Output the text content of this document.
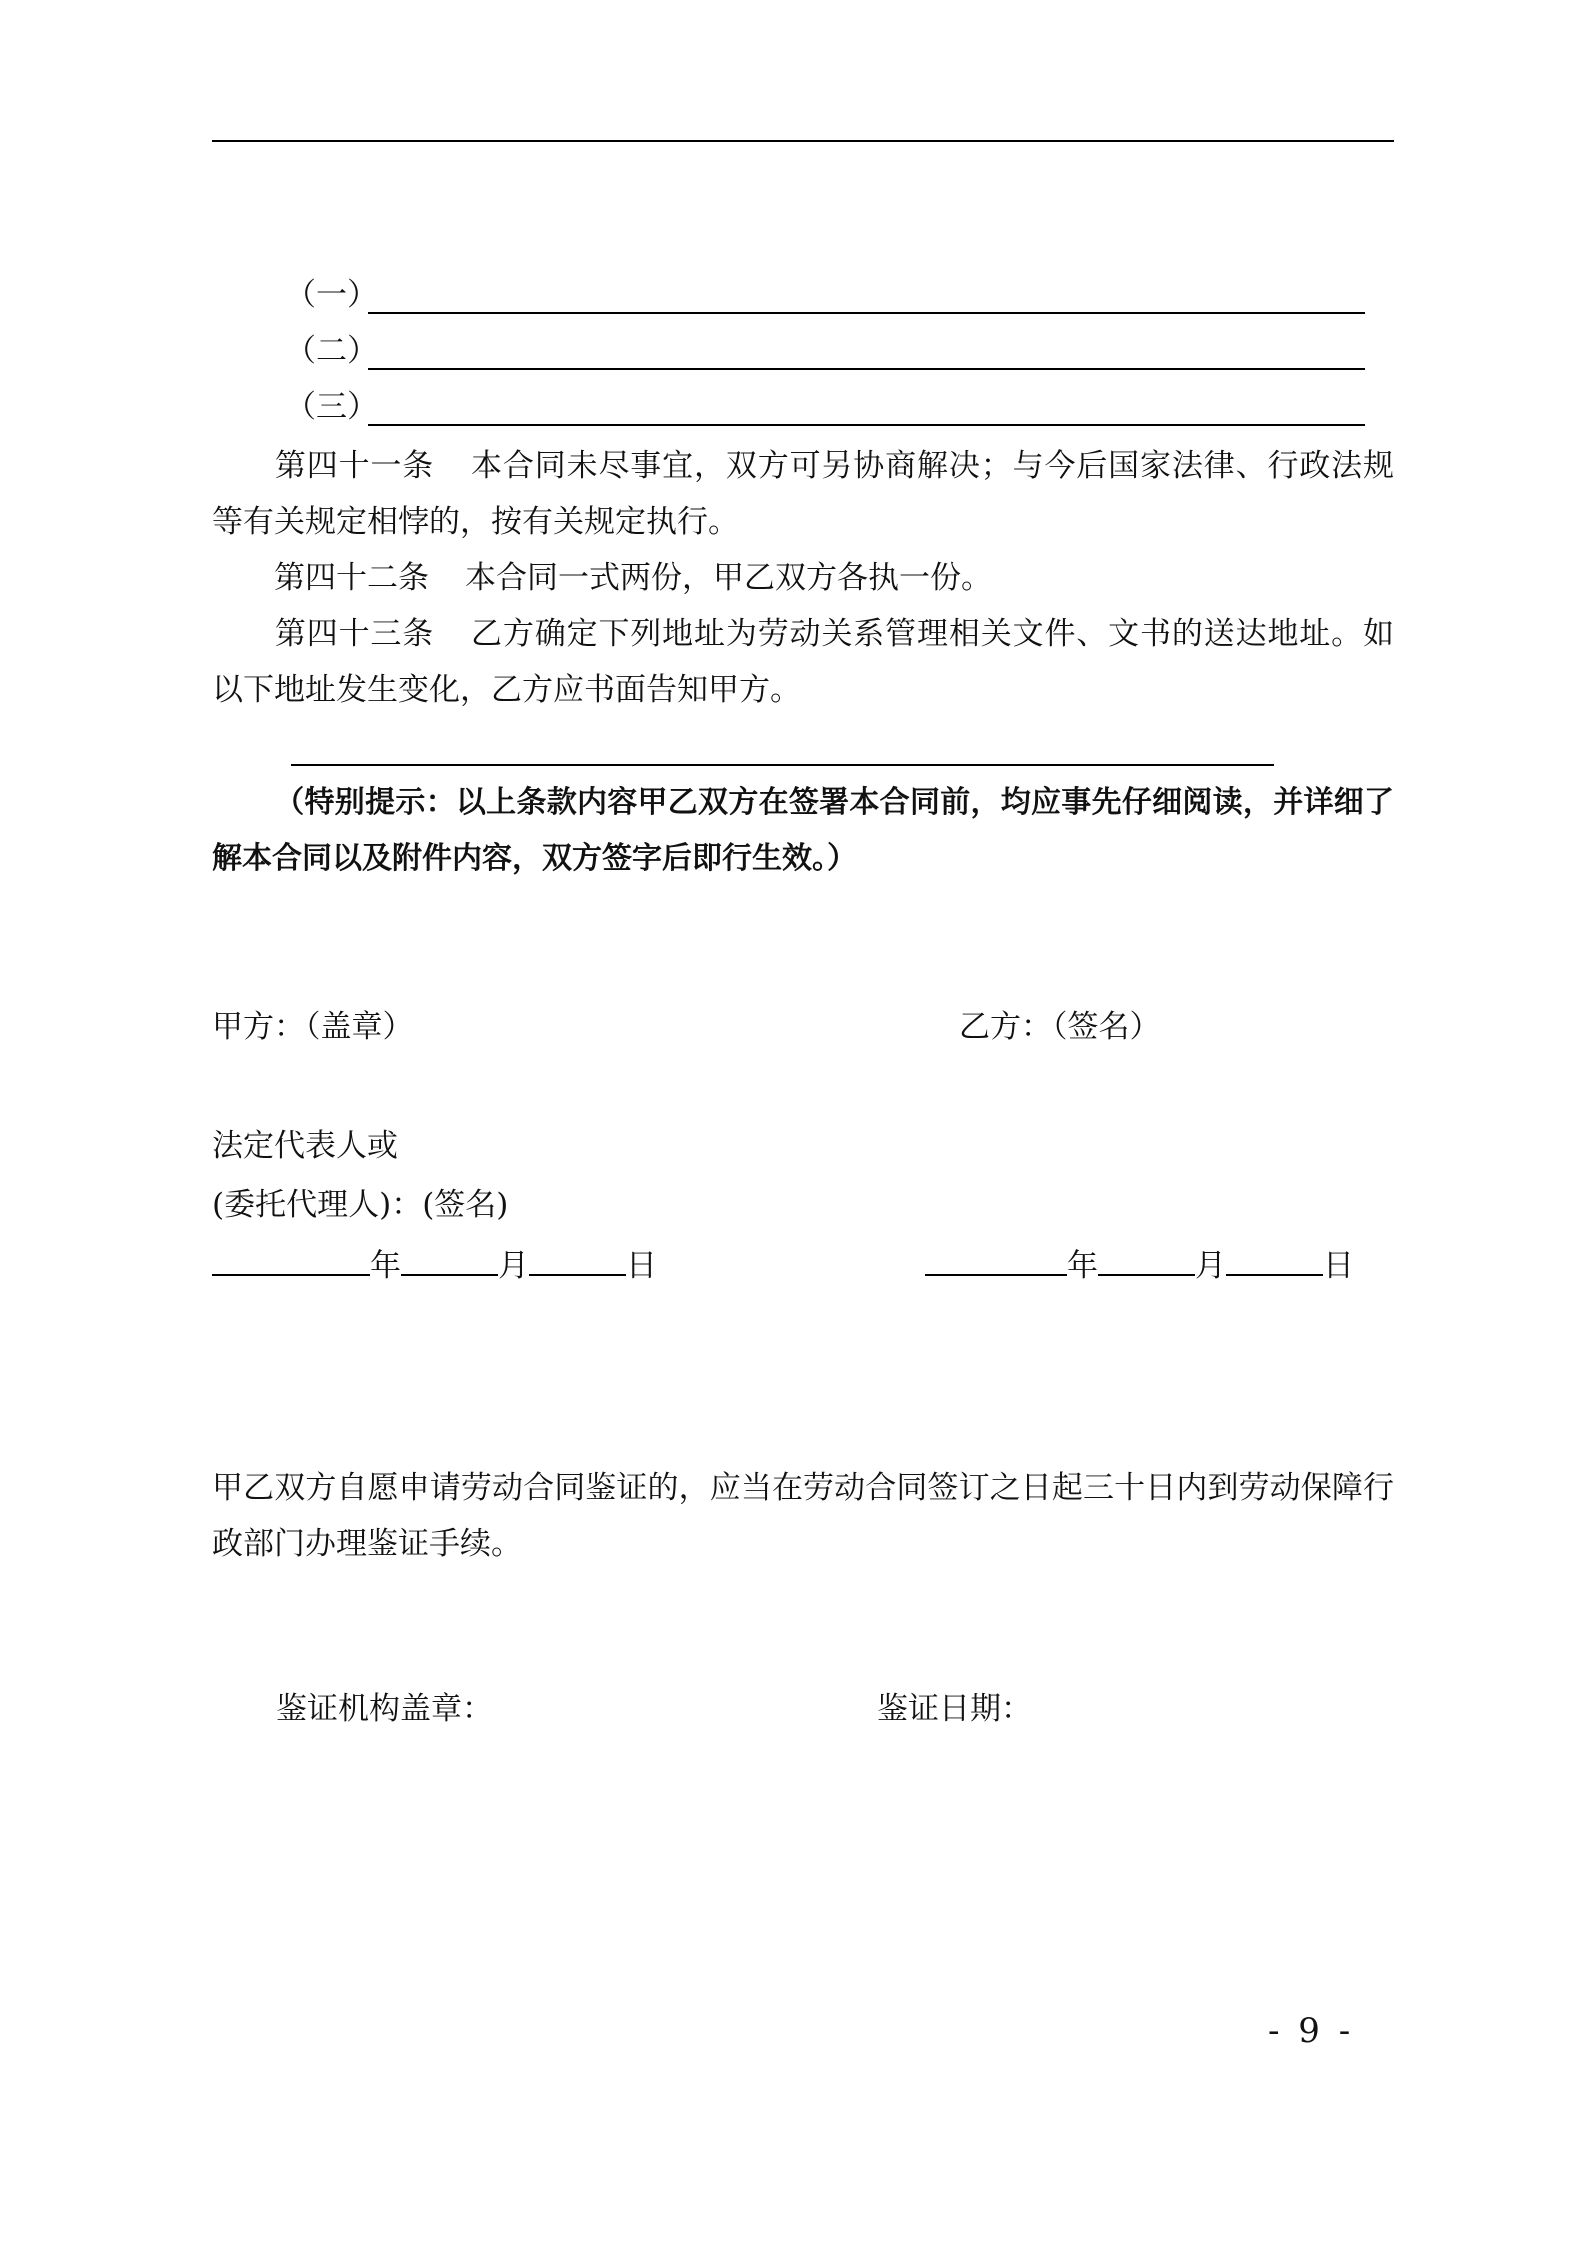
（一）
（二）
（三）
第四十一条 本合同未尽事宜，双方可另协商解决；与今后国家法律、行政法规等有关规定相悖的，按有关规定执行。
第四十二条 本合同一式两份，甲乙双方各执一份。
第四十三条 乙方确定下列地址为劳动关系管理相关文件、文书的送达地址。如以下地址发生变化，乙方应书面告知甲方。
（特别提示：以上条款内容甲乙双方在签署本合同前，均应事先仔细阅读，并详细了解本合同以及附件内容，双方签字后即行生效。）
甲方：（盖章）	乙方：（签名）
法定代表人或
(委托代理人)：(签名)
年	月	日	年	月	日
甲乙双方自愿申请劳动合同鉴证的，应当在劳动合同签订之日起三十日内到劳动保障行政部门办理鉴证手续。
鉴证机构盖章：	鉴证日期：
- 9 -
